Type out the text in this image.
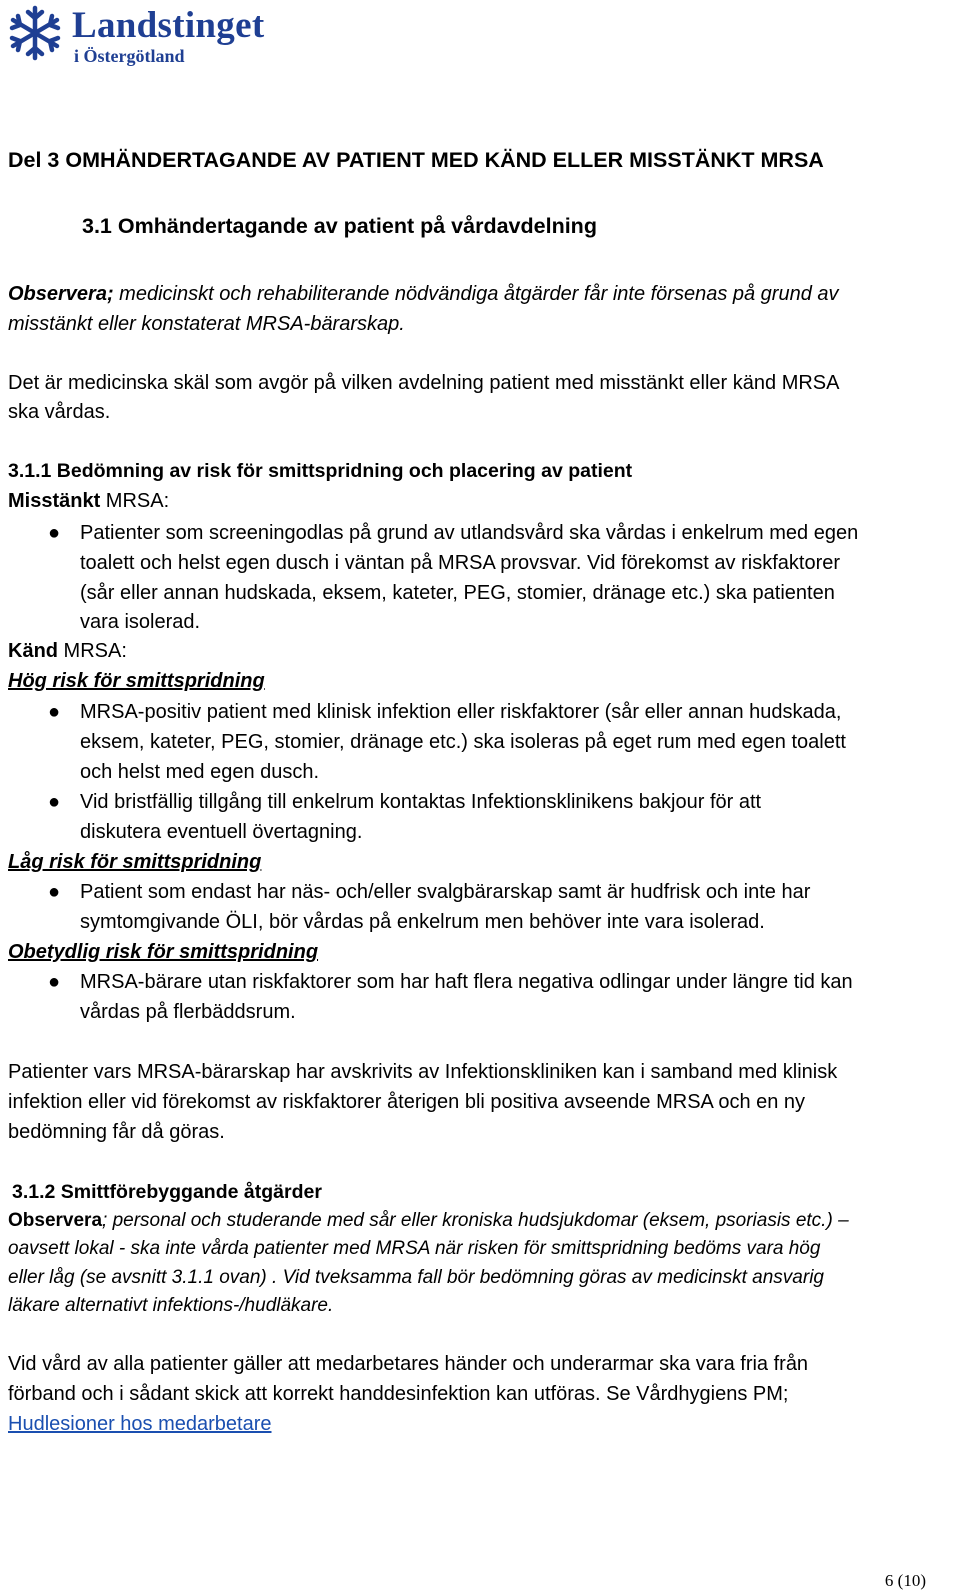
Landstinget
i Östergötland
Del 3 OMHÄNDERTAGANDE AV PATIENT MED KÄND ELLER MISSTÄNKT MRSA
3.1 Omhändertagande av patient på vårdavdelning
Observera; medicinskt och rehabiliterande nödvändiga åtgärder får inte försenas på grund av
misstänkt eller konstaterat MRSA-bärarskap.
Det är medicinska skäl som avgör på vilken avdelning patient med misstänkt eller känd MRSA
ska vårdas.
3.1.1 Bedömning av risk för smittspridning och placering av patient
Misstänkt MRSA:
● Patienter som screeningodlas på grund av utlandsvård ska vårdas i enkelrum med egen
toalett och helst egen dusch i väntan på MRSA provsvar. Vid förekomst av riskfaktorer
(sår eller annan hudskada, eksem, kateter, PEG, stomier, dränage etc.) ska patienten
vara isolerad.
Känd MRSA:
Hög risk för smittspridning
● MRSA-positiv patient med klinisk infektion eller riskfaktorer (sår eller annan hudskada,
eksem, kateter, PEG, stomier, dränage etc.) ska isoleras på eget rum med egen toalett
och helst med egen dusch.
● Vid bristfällig tillgång till enkelrum kontaktas Infektionsklinikens bakjour för att
diskutera eventuell övertagning.
Låg risk för smittspridning
● Patient som endast har näs- och/eller svalgbärarskap samt är hudfrisk och inte har
symtomgivande ÖLI, bör vårdas på enkelrum men behöver inte vara isolerad.
Obetydlig risk för smittspridning
● MRSA-bärare utan riskfaktorer som har haft flera negativa odlingar under längre tid kan
vårdas på flerbäddsrum.
Patienter vars MRSA-bärarskap har avskrivits av Infektionskliniken kan i samband med klinisk
infektion eller vid förekomst av riskfaktorer återigen bli positiva avseende MRSA och en ny
bedömning får då göras.
3.1.2 Smittförebyggande åtgärder
Observera; personal och studerande med sår eller kroniska hudsjukdomar (eksem, psoriasis etc.) –
oavsett lokal - ska inte vårda patienter med MRSA när risken för smittspridning bedöms vara hög
eller låg (se avsnitt 3.1.1 ovan) . Vid tveksamma fall bör bedömning göras av medicinskt ansvarig
läkare alternativt infektions-/hudläkare.
Vid vård av alla patienter gäller att medarbetares händer och underarmar ska vara fria från
förband och i sådant skick att korrekt handdesinfektion kan utföras. Se Vårdhygiens PM;
Hudlesioner hos medarbetare
6 (10)
